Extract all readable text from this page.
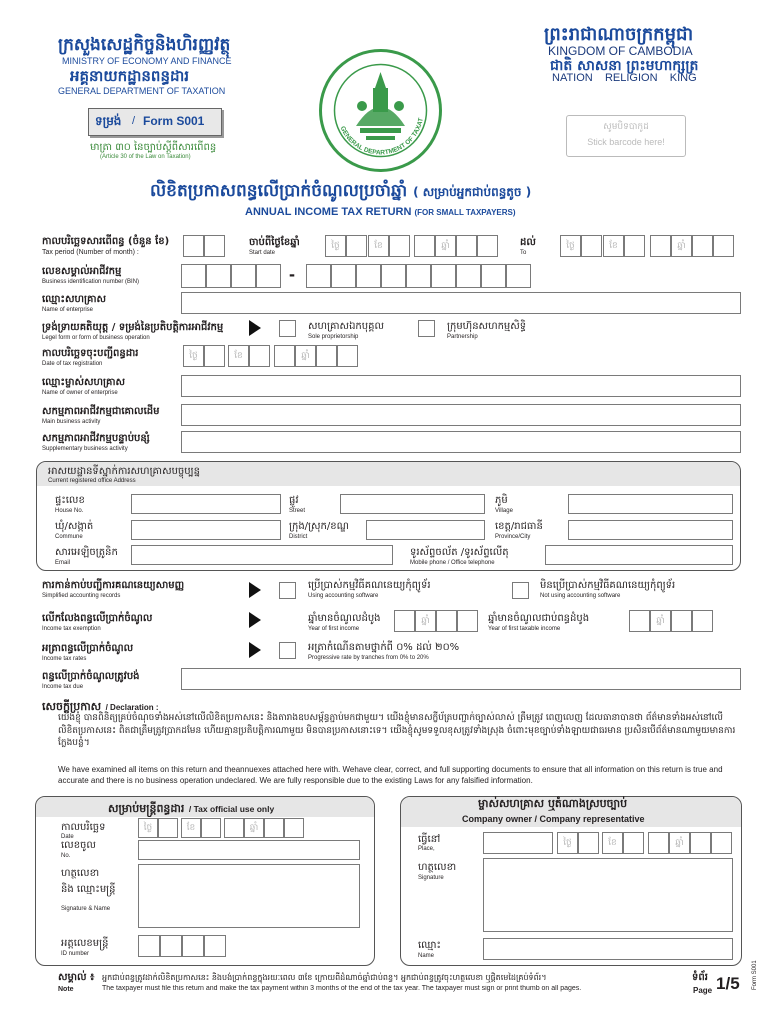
ក្រសួងសេដ្ឋកិច្ចនិងហិរញ្ញវត្ថុ
MINISTRY OF ECONOMY AND FINANCE
អគ្គនាយកដ្ឋានពន្ធដារ
GENERAL DEPARTMENT OF TAXATION
ទម្រង់ / Form S001
មាត្រា ៣០ នៃច្បាប់ស្តីពីសារពើពន្ធ
(Article 30 of the Law on Taxation)
GENERAL DEPARTMENT OF TAXAT
ព្រះរាជាណាចក្រកម្ពុជា
KINGDOM OF CAMBODIA
ជាតិ សាសនា ព្រះមហាក្សត្រ
NATION    RELIGION    KING
សូមបិទបាកូដ
Stick barcode here!
លិខិតប្រកាសពន្ធលើប្រាក់ចំណូលប្រចាំឆ្នាំ ( សម្រាប់អ្នកជាប់ពន្ធតូច )
ANNUAL INCOME TAX RETURN (FOR SMALL TAXPAYERS)
កាលបរិច្ឆេទសារពើពន្ធ (ចំនួន ខែ)
Tax period (Number of month) :
ចាប់ពីថ្ងៃខែឆ្នាំ
Start date
ថ្ងៃ	ខែ	ឆ្នាំ	ដល់
To
ថ្ងៃ	ខែ	ឆ្នាំ
លេខសម្គាល់អាជីវកម្ម
Business identification number (BIN)	-
ឈ្មោះសហគ្រាស
Name of enterprise
ទ្រង់ទ្រាយគតិយុត្ត / ទម្រង់នៃប្រតិបត្តិការអាជីវកម្ម
Legel form or form of business operation
សហគ្រាសឯកបុគ្គល
Sole proprietorship
ក្រុមហ៊ុនសហកម្មសិទ្ធិ
Partnership
កាលបរិច្ឆេទចុះបញ្ជីពន្ធដារ
Date of tax registration
ថ្ងៃ	ខែ	ឆ្នាំ
ឈ្មោះម្ចាស់សហគ្រាស
Name of owner of enterprise
សកម្មភាពអាជីវកម្មជាគោលដើម
Main business activity
សកម្មភាពអាជីវកម្មបន្ទាប់បន្សំ
Supplementary business activity
អាសយដ្ឋានទីស្នាក់ការសហគ្រាសបច្ចុប្បន្ន
Current registered office Address
ផ្ទះលេខ
House No.
ផ្លូវ
Street
ភូមិ
Village
ឃុំ/សង្កាត់
Commune
ក្រុង/ស្រុក/ខណ្ឌ
District
ខេត្ត/រាជធានី
Province/City
សារអេឡិចត្រូនិក
Email
ទូរស័ព្ទចល័ត /ទូរស័ព្ទលើតុ
Mobile phone / Office telephone
ការកាន់កាប់បញ្ជីការគណនេយ្យសាមញ្ញ
Simplified accounting records
ប្រើប្រាស់កម្មវិធីគណនេយ្យកុំព្យូទ័រ
Using accounting software
មិនប្រើប្រាស់កម្មវិធីគណនេយ្យកុំព្យូទ័រ
Not using accounting software
លើកលែងពន្ធលើប្រាក់ចំណូល
Income tax exemption
ឆ្នាំមានចំណូលដំបូង
Year of first income
ឆ្នាំ	ឆ្នាំមានចំណូលជាប់ពន្ធដំបូង
Year of first taxable income
ឆ្នាំ
អត្រាពន្ធលើប្រាក់ចំណូល
Income tax rates
អត្រាកំណើនតាមថ្នាក់ពី ០% ដល់ ២០%
Progressive rate by tranches from 0% to 20%
ពន្ធលើប្រាក់ចំណូលត្រូវបង់
Income tax due
សេចក្តីប្រកាស / Declaration :
យើងខ្ញុំ បានពិនិត្យគ្រប់ចំណុចទាំងអស់នៅលើលិខិតប្រកាសនេះ និងតារាងឧបសម្ព័ន្ធភ្ជាប់មកជាមួយ។ យើងខ្ញុំមានសក្ខីប័ត្របញ្ជាក់ច្បាស់លាស់ ត្រឹមត្រូវ ពេញលេញ ដែលធានាបានថា ព័ត៌មានទាំងអស់នៅលើលិខិតប្រកាសនេះ ពិតជាត្រឹមត្រូវប្រាកដមែន ហើយគ្មានប្រតិបត្តិការណាមួយ មិនបានប្រកាសនោះទេ។ យើងខ្ញុំសូមទទួលខុសត្រូវទាំងស្រុង ចំពោះមុខច្បាប់ទាំងឡាយជាធរមាន ប្រសិនបើព័ត៌មានណាមួយមានការក្លែងបន្លំ។
We have examined all items on this return and theannuexes attached here with. Wehave clear, correct, and full supporting documents to ensure that all information on this return is true and accurate and there is no business operation undeclared. We are fully responsible due to the existing Laws for any falsified information.
សម្រាប់មន្ត្រីពន្ធដារ / Tax official use only
កាលបរិច្ឆេទ
Date
ថ្ងៃ	ខែ	ឆ្នាំ
លេខចូល
No.
ហត្ថលេខា
និង ឈ្មោះមន្ត្រី
Signature & Name
អត្តលេខមន្ត្រី
ID number
ម្ចាស់សហគ្រាស ឬតំណាងស្របច្បាប់
Company owner / Company representative
ធ្វើនៅ
Place,
ថ្ងៃ	ខែ	ឆ្នាំ
ហត្ថលេខា
Signature
ឈ្មោះ
Name
សម្គាល់ ៖
Note
អ្នកជាប់ពន្ធត្រូវដាក់លិខិតប្រកាសនេះ និងបង់ប្រាក់ពន្ធក្នុងរយៈពេល ៣ខែ ក្រោយពីដំណាច់ឆ្នាំជាប់ពន្ធ។ អ្នកជាប់ពន្ធត្រូវចុះហត្ថលេខា ឬផ្តិតមេដៃគ្រប់ទំព័រ។
The taxpayer must file this return and make the tax payment within 3 months of the end of the tax year. The taxpayer must sign or print thumb on all pages.
ទំព័រ
Page 1/5 Form S001
